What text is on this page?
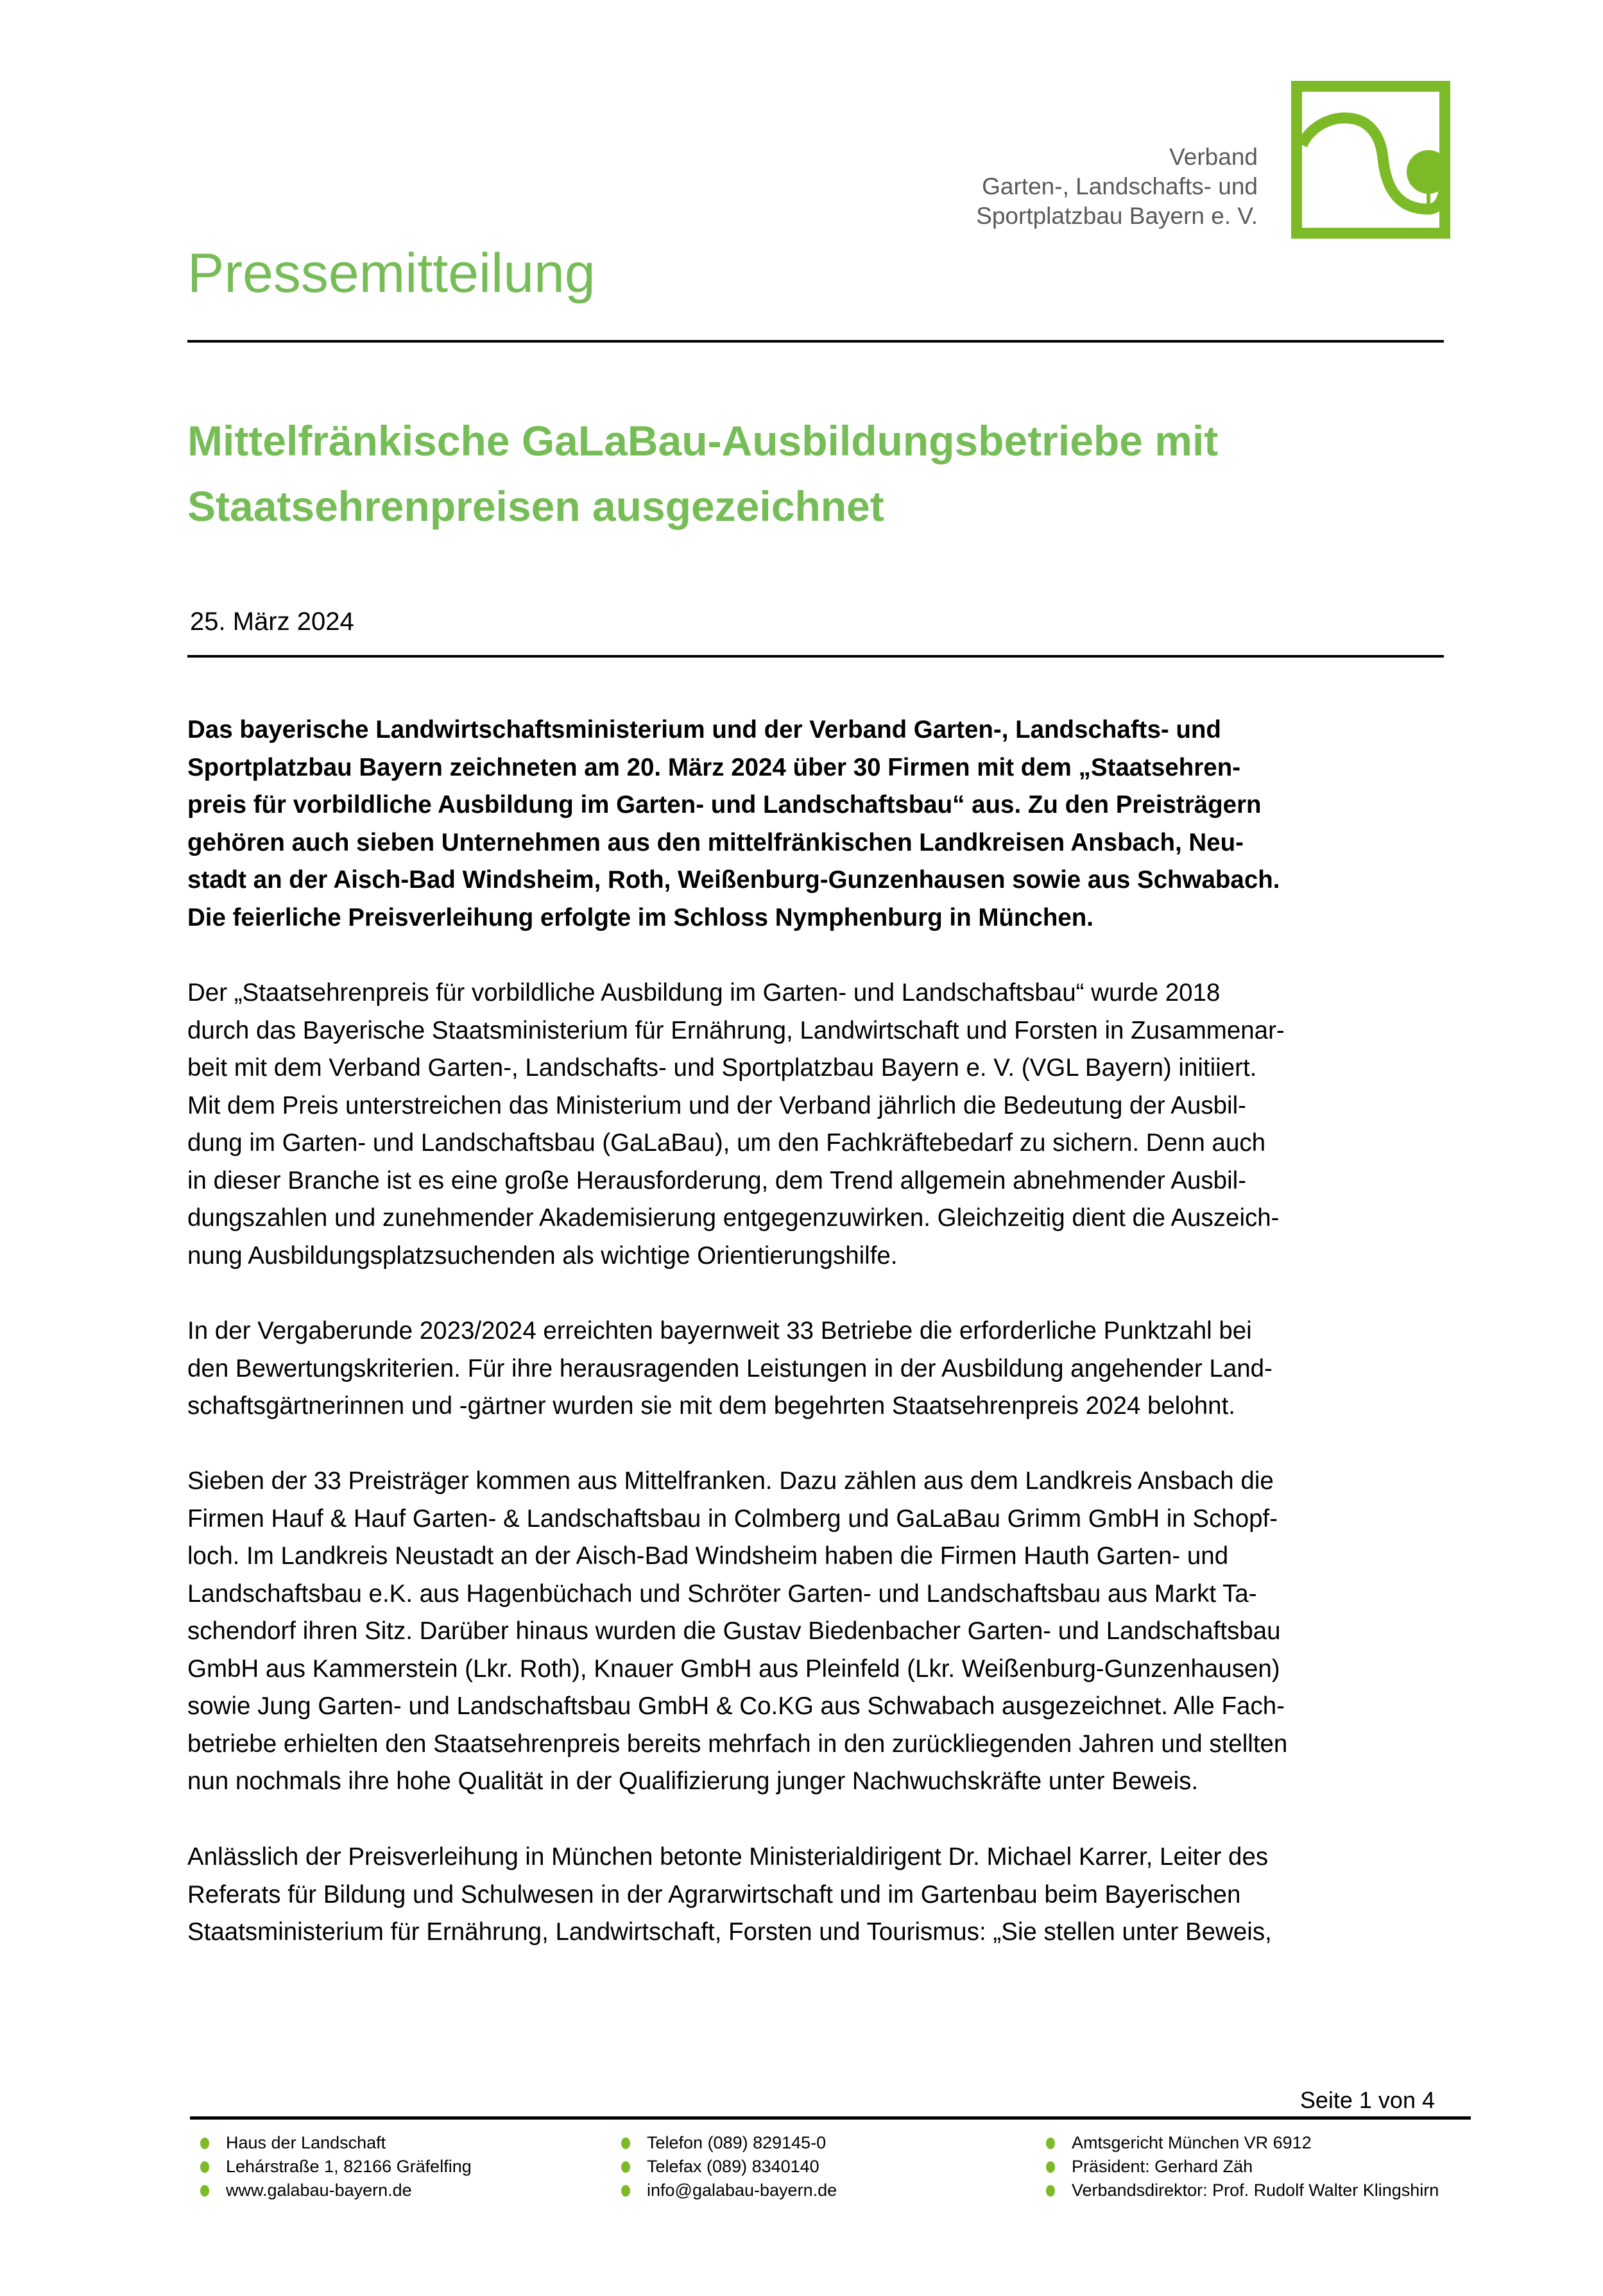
Verband
Garten-, Landschafts- und
Sportplatzbau Bayern e. V.
Pressemitteilung
Mittelfränkische GaLaBau-Ausbildungsbetriebe mit
Staatsehrenpreisen ausgezeichnet
25. März 2024
Das bayerische Landwirtschaftsministerium und der Verband Garten-, Landschafts- und
Sportplatzbau Bayern zeichneten am 20. März 2024 über 30 Firmen mit dem „Staatsehren-
preis für vorbildliche Ausbildung im Garten- und Landschaftsbau“ aus. Zu den Preisträgern
gehören auch sieben Unternehmen aus den mittelfränkischen Landkreisen Ansbach, Neu-
stadt an der Aisch-Bad Windsheim, Roth, Weißenburg-Gunzenhausen sowie aus Schwabach.
Die feierliche Preisverleihung erfolgte im Schloss Nymphenburg in München.
Der „Staatsehrenpreis für vorbildliche Ausbildung im Garten- und Landschaftsbau“ wurde 2018
durch das Bayerische Staatsministerium für Ernährung, Landwirtschaft und Forsten in Zusammenar-
beit mit dem Verband Garten-, Landschafts- und Sportplatzbau Bayern e. V. (VGL Bayern) initiiert.
Mit dem Preis unterstreichen das Ministerium und der Verband jährlich die Bedeutung der Ausbil-
dung im Garten- und Landschaftsbau (GaLaBau), um den Fachkräftebedarf zu sichern. Denn auch
in dieser Branche ist es eine große Herausforderung, dem Trend allgemein abnehmender Ausbil-
dungszahlen und zunehmender Akademisierung entgegenzuwirken. Gleichzeitig dient die Auszeich-
nung Ausbildungsplatzsuchenden als wichtige Orientierungshilfe.
In der Vergaberunde 2023/2024 erreichten bayernweit 33 Betriebe die erforderliche Punktzahl bei
den Bewertungskriterien. Für ihre herausragenden Leistungen in der Ausbildung angehender Land-
schaftsgärtnerinnen und -gärtner wurden sie mit dem begehrten Staatsehrenpreis 2024 belohnt.
Sieben der 33 Preisträger kommen aus Mittelfranken. Dazu zählen aus dem Landkreis Ansbach die
Firmen Hauf & Hauf Garten- & Landschaftsbau in Colmberg und GaLaBau Grimm GmbH in Schopf-
loch. Im Landkreis Neustadt an der Aisch-Bad Windsheim haben die Firmen Hauth Garten- und
Landschaftsbau e.K. aus Hagenbüchach und Schröter Garten- und Landschaftsbau aus Markt Ta-
schendorf ihren Sitz. Darüber hinaus wurden die Gustav Biedenbacher Garten- und Landschaftsbau
GmbH aus Kammerstein (Lkr. Roth), Knauer GmbH aus Pleinfeld (Lkr. Weißenburg-Gunzenhausen)
sowie Jung Garten- und Landschaftsbau GmbH & Co.KG aus Schwabach ausgezeichnet. Alle Fach-
betriebe erhielten den Staatsehrenpreis bereits mehrfach in den zurückliegenden Jahren und stellten
nun nochmals ihre hohe Qualität in der Qualifizierung junger Nachwuchskräfte unter Beweis.
Anlässlich der Preisverleihung in München betonte Ministerialdirigent Dr. Michael Karrer, Leiter des
Referats für Bildung und Schulwesen in der Agrarwirtschaft und im Gartenbau beim Bayerischen
Staatsministerium für Ernährung, Landwirtschaft, Forsten und Tourismus: „Sie stellen unter Beweis,
Seite 1 von 4
Haus der Landschaft
Lehárstraße 1, 82166 Gräfelfing
www.galabau-bayern.de
Telefon (089) 829145-0
Telefax (089) 8340140
info@galabau-bayern.de
Amtsgericht München VR 6912
Präsident: Gerhard Zäh
Verbandsdirektor: Prof. Rudolf Walter Klingshirn
